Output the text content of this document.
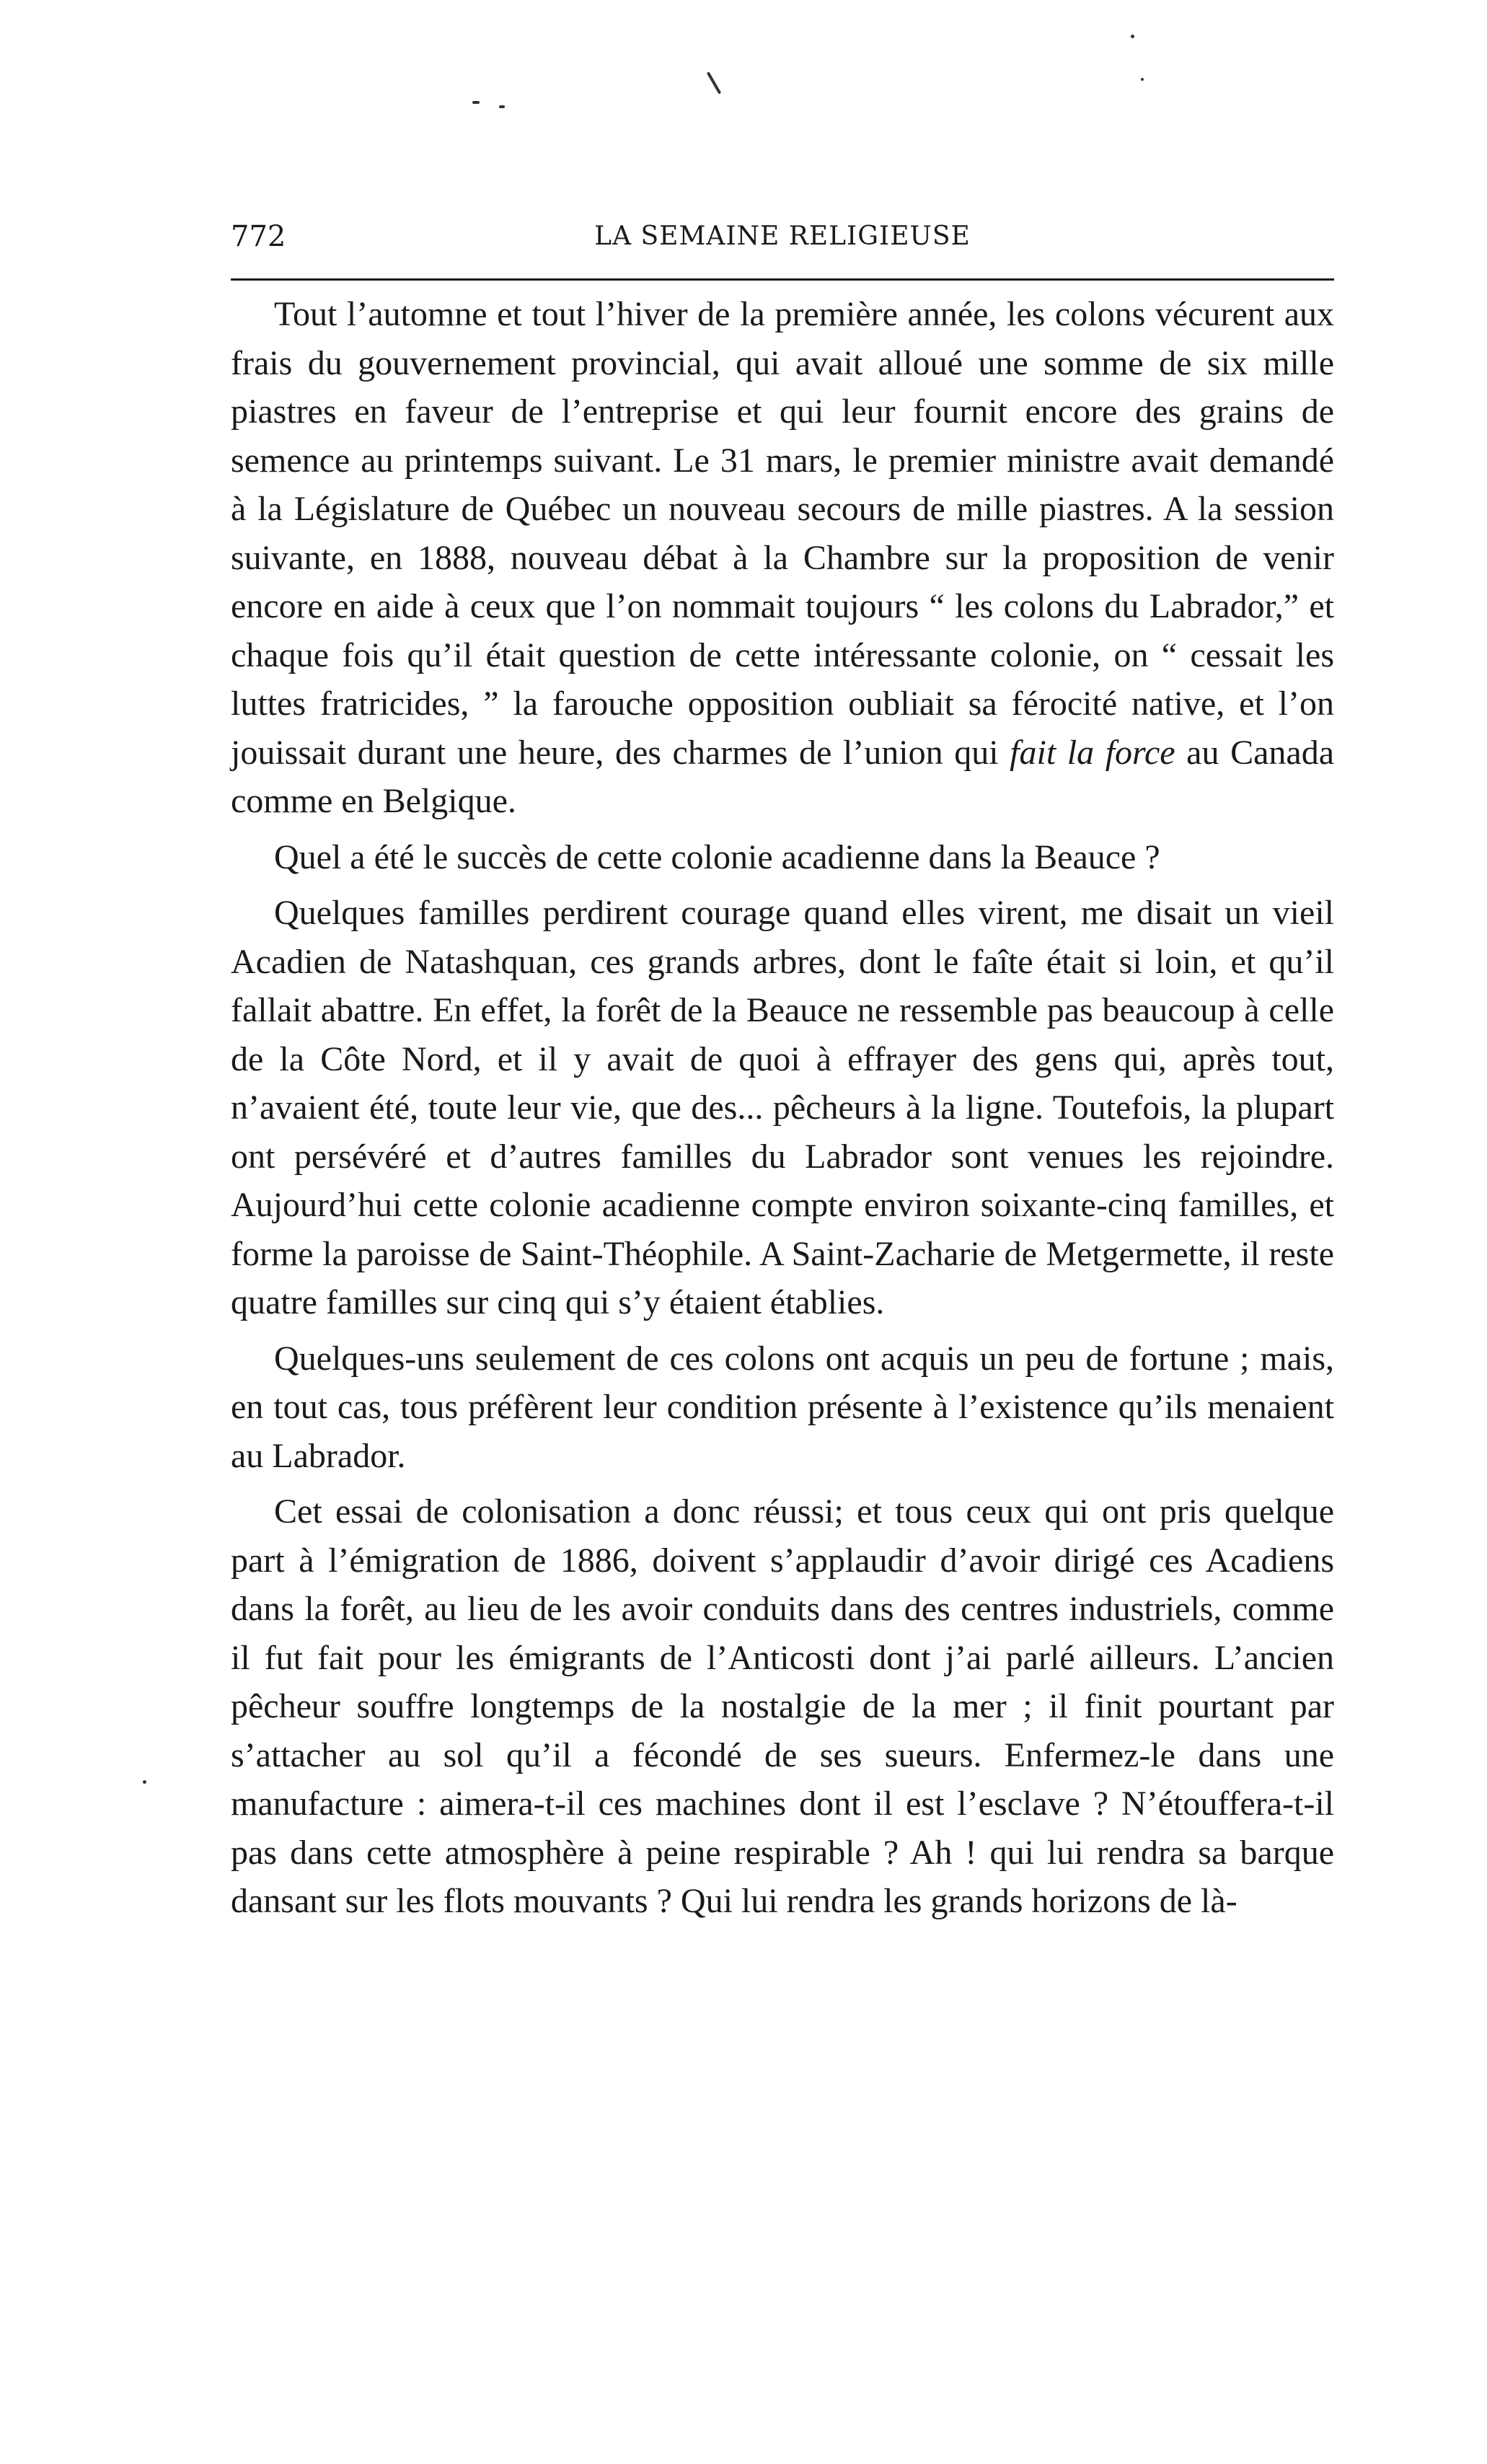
772	LA SEMAINE RELIGIEUSE

Tout l’automne et tout l’hiver de la première année, les colons vécurent aux frais du gouvernement provincial, qui avait alloué une somme de six mille piastres en faveur de l’entreprise et qui leur fournit encore des grains de semence au printemps suivant. Le 31 mars, le premier ministre avait demandé à la Législature de Québec un nouveau secours de mille piastres. A la session suivante, en 1888, nouveau débat à la Chambre sur la proposition de venir encore en aide à ceux que l’on nommait toujours “ les colons du Labrador,” et chaque fois qu’il était question de cette intéressante colonie, on “ cessait les luttes fratricides, ” la farouche opposition oubliait sa férocité native, et l’on jouissait durant une heure, des charmes de l’union qui fait la force au Canada comme en Belgique.

Quel a été le succès de cette colonie acadienne dans la Beauce ?

Quelques familles perdirent courage quand elles virent, me disait un vieil Acadien de Natashquan, ces grands arbres, dont le faîte était si loin, et qu’il fallait abattre. En effet, la forêt de la Beauce ne ressemble pas beaucoup à celle de la Côte Nord, et il y avait de quoi à effrayer des gens qui, après tout, n’avaient été, toute leur vie, que des... pêcheurs à la ligne. Toutefois, la plupart ont persévéré et d’autres familles du Labrador sont venues les rejoindre. Aujourd’hui cette colonie acadienne compte environ soixante-cinq familles, et forme la paroisse de Saint-Théophile. A Saint-Zacharie de Metgermette, il reste quatre familles sur cinq qui s’y étaient établies.

Quelques-uns seulement de ces colons ont acquis un peu de fortune ; mais, en tout cas, tous préfèrent leur condition présente à l’existence qu’ils menaient au Labrador.

Cet essai de colonisation a donc réussi; et tous ceux qui ont pris quelque part à l’émigration de 1886, doivent s’applaudir d’avoir dirigé ces Acadiens dans la forêt, au lieu de les avoir conduits dans des centres industriels, comme il fut fait pour les émigrants de l’Anticosti dont j’ai parlé ailleurs. L’ancien pêcheur souffre longtemps de la nostalgie de la mer ; il finit pourtant par s’attacher au sol qu’il a fécondé de ses sueurs. Enfermez-le dans une manufacture : aimera-t-il ces machines dont il est l’esclave ? N’étouffera-t-il pas dans cette atmosphère à peine respirable ? Ah ! qui lui rendra sa barque dansant sur les flots mouvants ? Qui lui rendra les grands horizons de là-
